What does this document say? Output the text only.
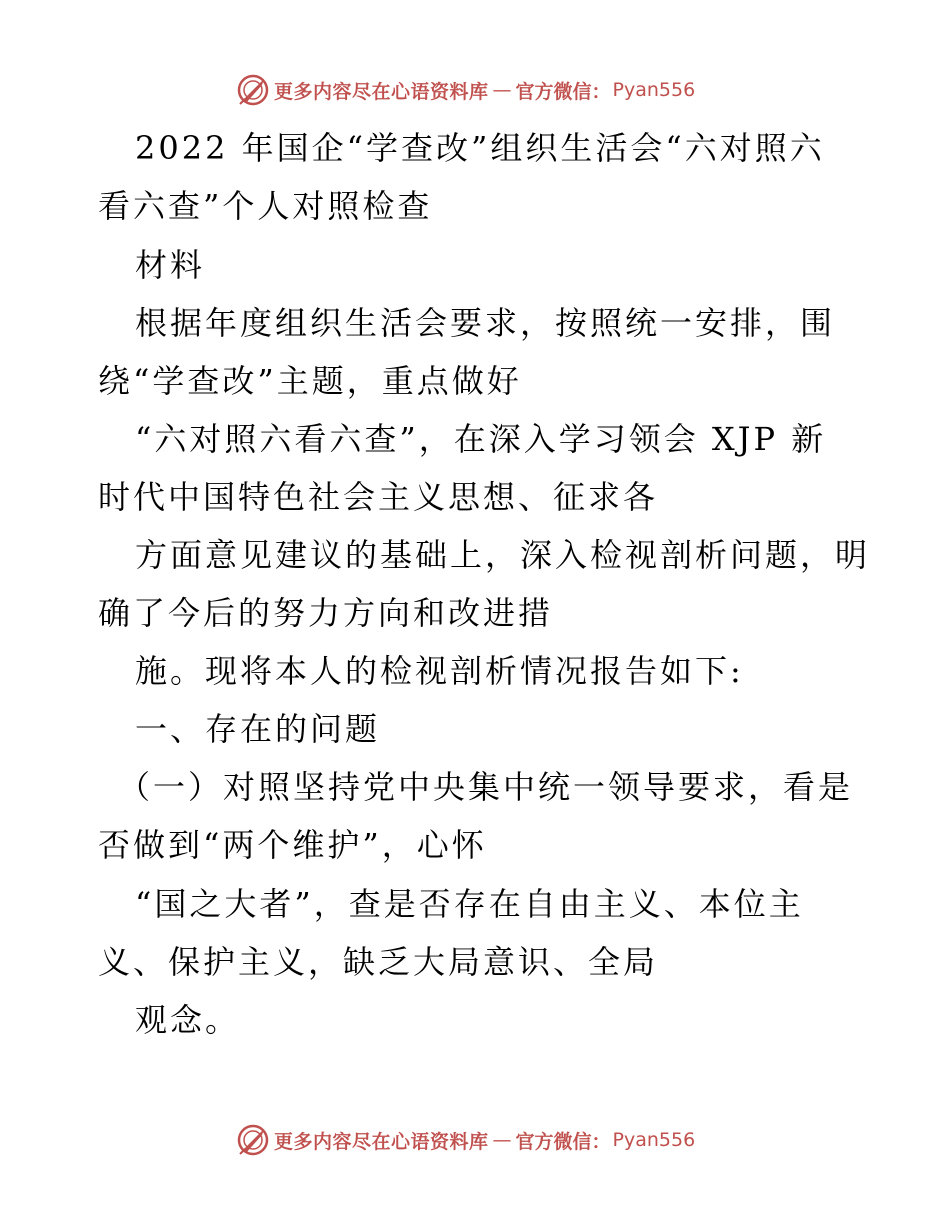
更多内容尽在心语资料库 — 官方微信： Pyan556
2022 年国企“学查改”组织生活会“六对照六
看六查”个人对照检查
材料
根据年度组织生活会要求，按照统一安排，围
绕“学查改”主题，重点做好
“六对照六看六查”，在深入学习领会 XJP 新
时代中国特色社会主义思想、征求各
方面意见建议的基础上，深入检视剖析问题，明
确了今后的努力方向和改进措
施。现将本人的检视剖析情况报告如下:
一、存在的问题
（一）对照坚持党中央集中统一领导要求，看是
否做到“两个维护”，心怀
“国之大者”，查是否存在自由主义、本位主
义、保护主义，缺乏大局意识、全局
观念。
更多内容尽在心语资料库 — 官方微信： Pyan556
